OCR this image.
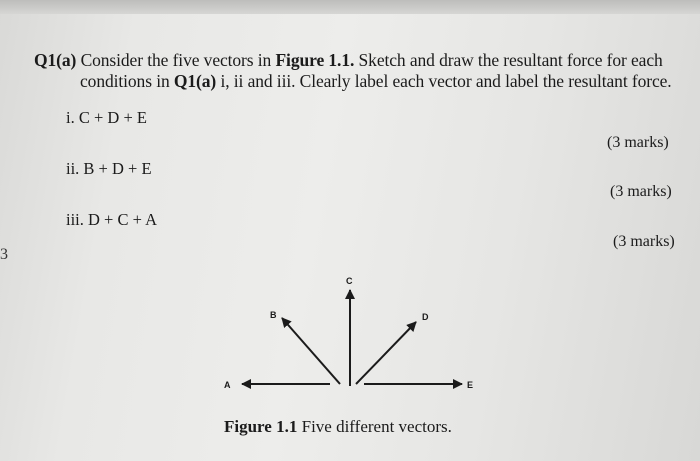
Q1(a) Consider the five vectors in Figure 1.1. Sketch and draw the resultant force for each
conditions in Q1(a) i, ii and iii. Clearly label each vector and label the resultant force.
i. C + D + E
(3 marks)
ii. B + D + E
(3 marks)
iii. D + C + A
(3 marks)
3
A
B
C
D
E
Figure 1.1 Five different vectors.
